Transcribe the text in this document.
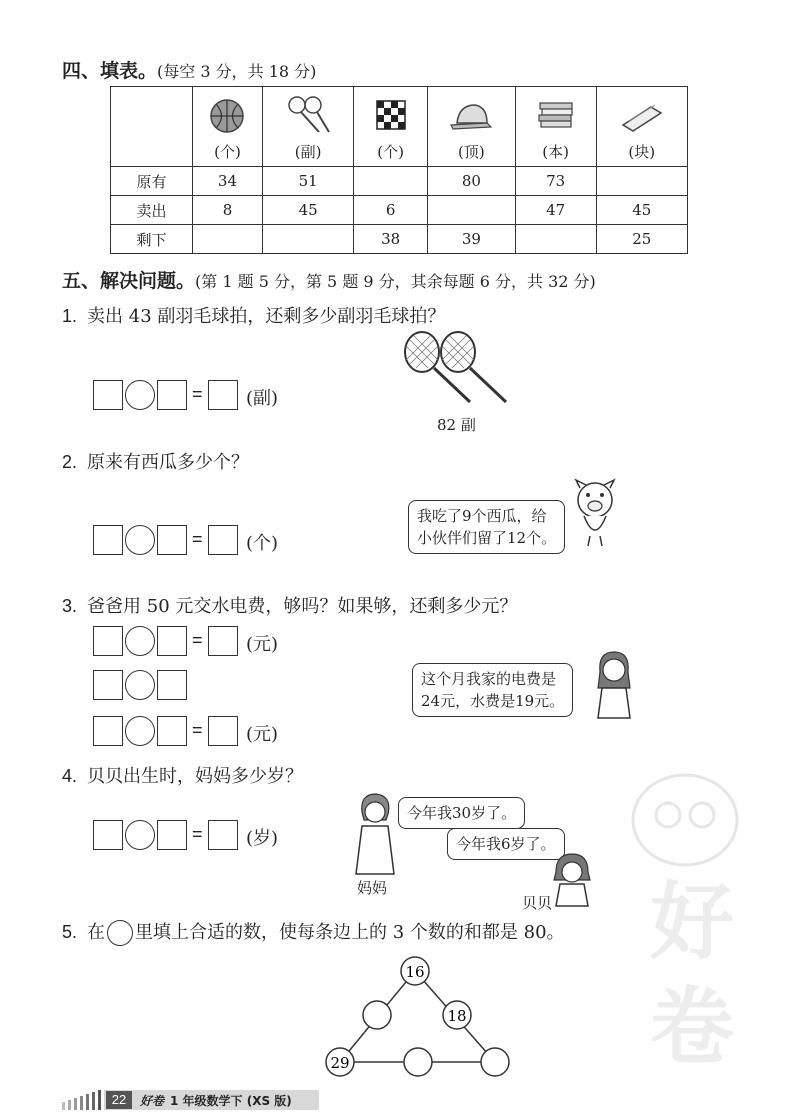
好
卷
四、填表。(每空 3 分，共 18 分)

(个)	(副)	(个)	(顶)	(本)	(块)
原有	34	51		80	73	
卖出	8	45	6		47	45
剩下			38	39		25
五、解决问题。(第 1 题 5 分，第 5 题 9 分，其余每题 6 分，共 32 分)
1. 卖出 43 副羽毛球拍，还剩多少副羽毛球拍？
= (副)
82 副
2. 原来有西瓜多少个？
= (个)
我吃了9个西瓜，给
小伙伴们留了12个。
3. 爸爸用 50 元交水电费，够吗？如果够，还剩多少元？
= (元)
= (元)
这个月我家的电费是
24元，水费是19元。
4. 贝贝出生时，妈妈多少岁？
= (岁)
今年我30岁了。
今年我6岁了。
妈妈
贝贝
5. 在 里填上合适的数，使每条边上的 3 个数的和都是 80。
16
18
29
22	好卷 1 年级数学下 (XS 版)
